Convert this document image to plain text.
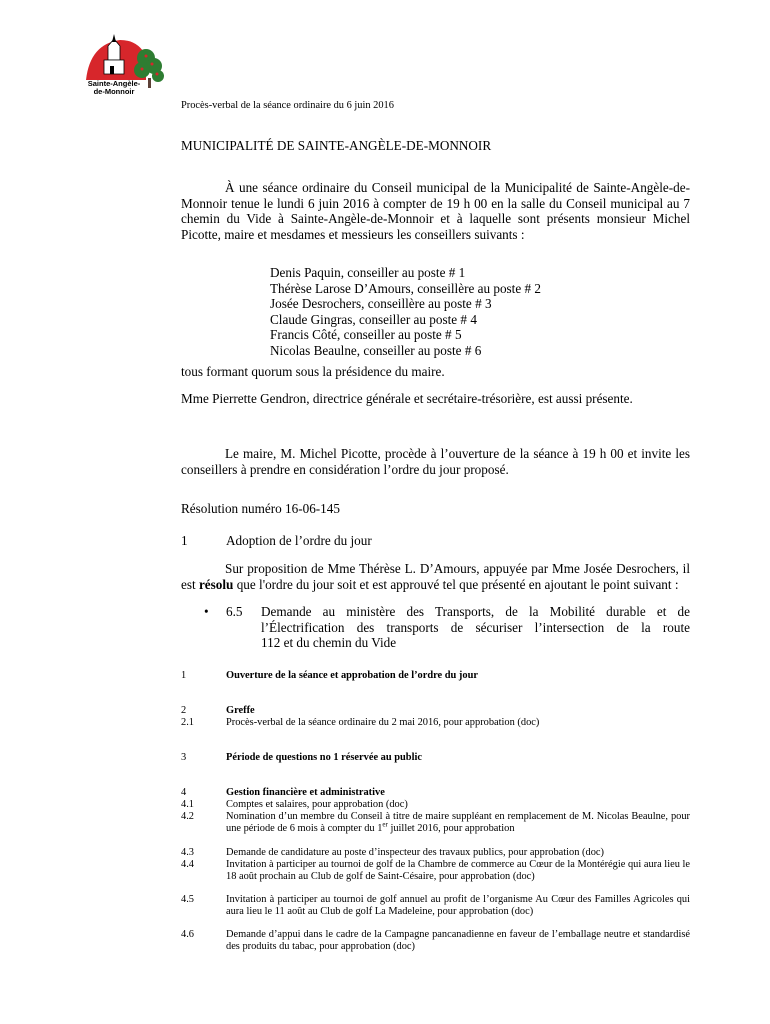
Sainte-Angèle-
de-Monnoir
Procès-verbal de la séance ordinaire du 6 juin 2016
MUNICIPALITÉ DE SAINTE-ANGÈLE-DE-MONNOIR
À une séance ordinaire du Conseil municipal de la Municipalité de Sainte-Angèle-de-Monnoir tenue le lundi 6 juin 2016 à compter de 19 h 00 en la salle du Conseil municipal au 7 chemin du Vide à Sainte-Angèle-de-Monnoir et à laquelle sont présents monsieur Michel Picotte, maire et mesdames et messieurs les conseillers suivants :
Denis Paquin, conseiller au poste # 1
Thérèse Larose D’Amours, conseillère au poste # 2
Josée Desrochers, conseillère au poste # 3
Claude Gingras, conseiller au poste # 4
Francis Côté, conseiller au poste # 5
Nicolas Beaulne, conseiller au poste # 6
tous formant quorum sous la présidence du maire.
Mme Pierrette Gendron, directrice générale et secrétaire-trésorière, est aussi présente.
Le maire, M. Michel Picotte, procède à l’ouverture de la séance à 19 h 00 et invite les conseillers à prendre en considération l’ordre du jour proposé.
Résolution numéro 16-06-145
1	Adoption de l’ordre du jour
Sur proposition de Mme Thérèse L. D’Amours, appuyée par Mme Josée Desrochers, il est résolu que l'ordre du jour soit et est approuvé tel que présenté en ajoutant le point suivant :
• 6.5 Demande au ministère des Transports, de la Mobilité durable et de
l’Électrification des transports de sécuriser l’intersection de la route
112 et du chemin du Vide
1	Ouverture de la séance et approbation de l’ordre du jour
2	Greffe
2.1	Procès-verbal de la séance ordinaire du 2 mai 2016, pour approbation (doc)
3	Période de questions no 1 réservée au public
4	Gestion financière et administrative
4.1	Comptes et salaires, pour approbation (doc)
4.2	Nomination d’un membre du Conseil à titre de maire suppléant en remplacement de M. Nicolas Beaulne, pour une période de 6 mois à compter du 1er juillet 2016, pour approbation
4.3	Demande de candidature au poste d’inspecteur des travaux publics, pour approbation (doc)
4.4	Invitation à participer au tournoi de golf de la Chambre de commerce au Cœur de la Montérégie qui aura lieu le 18 août prochain au Club de golf de Saint-Césaire, pour approbation (doc)
4.5	Invitation à participer au tournoi de golf annuel au profit de l’organisme Au Cœur des Familles Agricoles qui aura lieu le 11 août au Club de golf La Madeleine, pour approbation (doc)
4.6	Demande d’appui dans le cadre de la Campagne pancanadienne en faveur de l’emballage neutre et standardisé des produits du tabac, pour approbation (doc)
